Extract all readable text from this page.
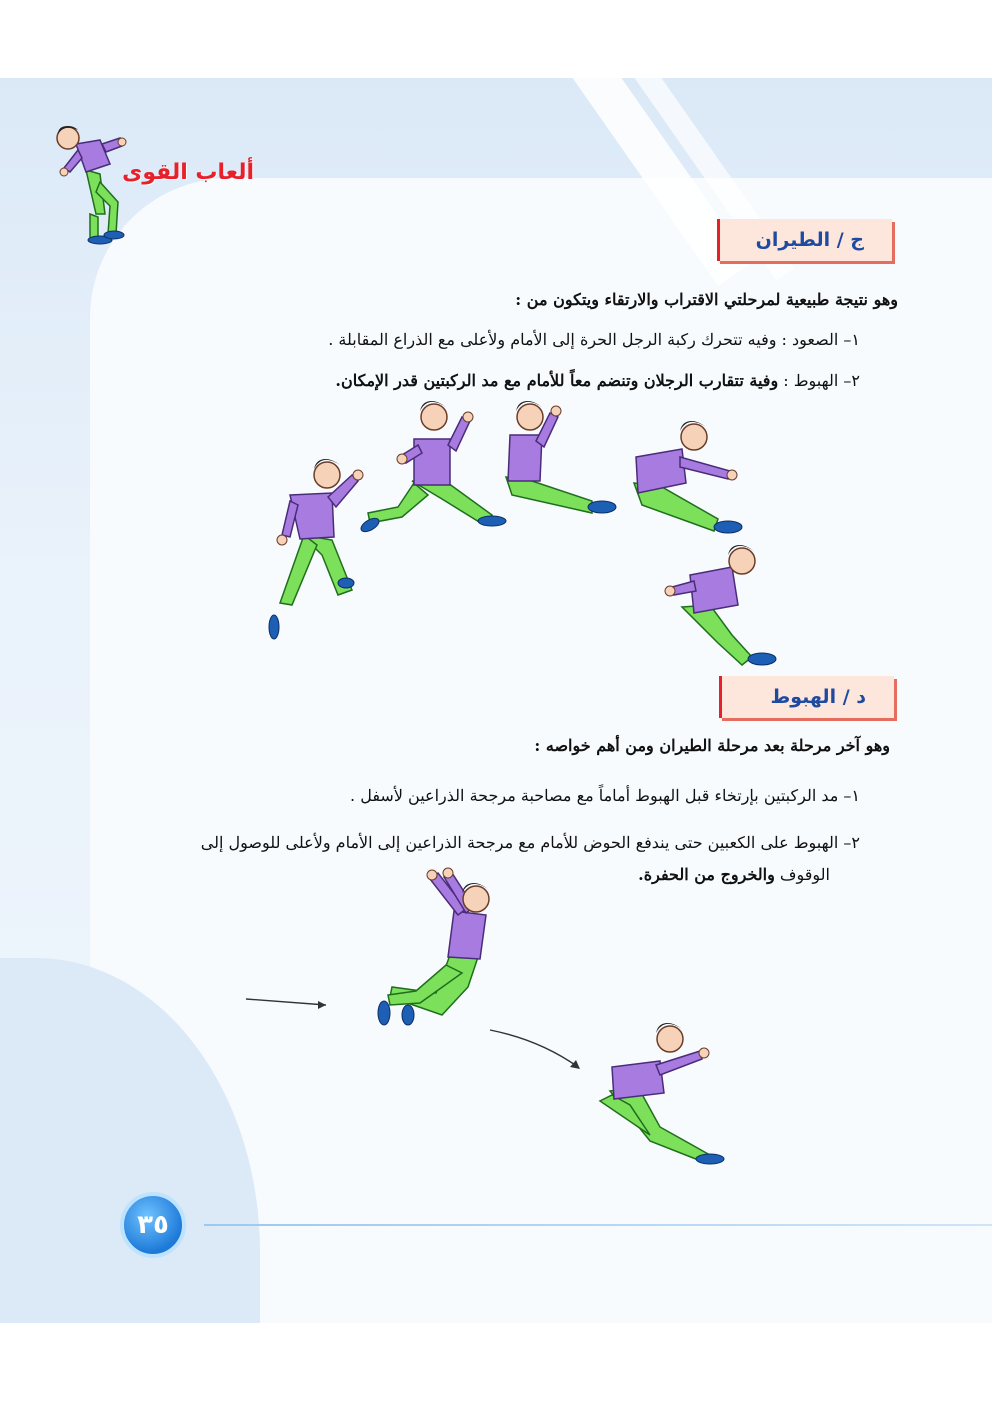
ألعاب القوى
ج / الطيران
وهو نتيجة طبيعية لمرحلتي الاقتراب والارتقاء ويتكون من :
١– الصعود : وفيه تتحرك ركبة الرجل الحرة إلى الأمام ولأعلى مع الذراع المقابلة .
٢– الهبوط : وفية تتقارب الرجلان وتنضم معاً للأمام مع مد الركبتين قدر الإمكان.
د / الهبوط
وهو آخر مرحلة بعد مرحلة الطيران ومن أهم خواصه :
١– مد الركبتين بإرتخاء قبل الهبوط أماماً مع مصاحبة مرجحة الذراعين لأسفل .
٢– الهبوط على الكعبين حتى يندفع الحوض للأمام مع مرجحة الذراعين إلى الأمام ولأعلى للوصول إلى
الوقوف والخروج من الحفرة.
٣٥
